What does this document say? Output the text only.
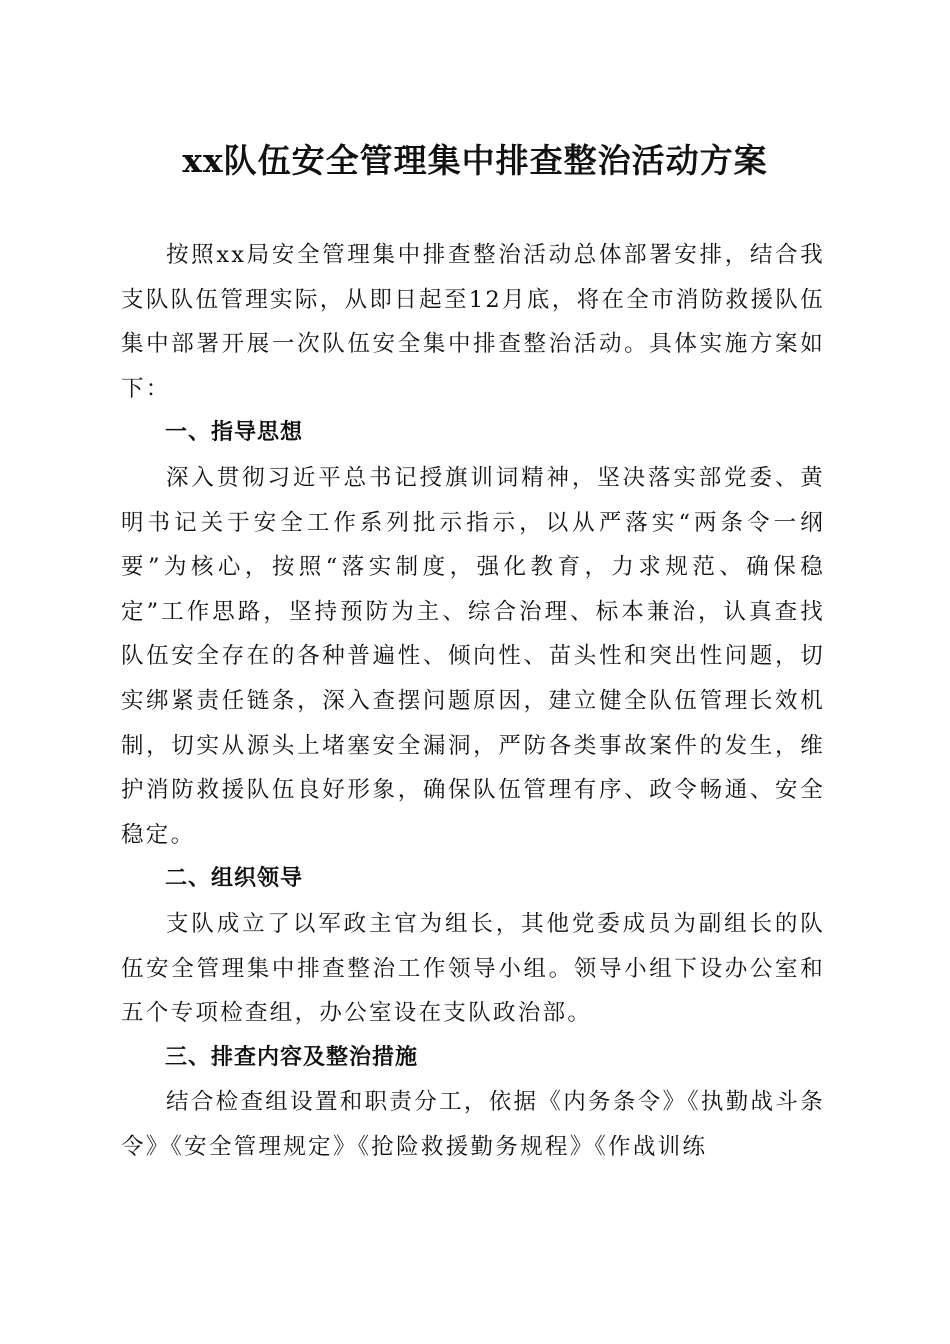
xx队伍安全管理集中排查整治活动方案

按照xx局安全管理集中排查整治活动总体部署安排，结合我支队队伍管理实际，从即日起至12月底，将在全市消防救援队伍集中部署开展一次队伍安全集中排查整治活动。具体实施方案如下：

一、指导思想

深入贯彻习近平总书记授旗训词精神，坚决落实部党委、黄明书记关于安全工作系列批示指示，以从严落实“两条令一纲要”为核心，按照“落实制度，强化教育，力求规范、确保稳定”工作思路，坚持预防为主、综合治理、标本兼治，认真查找队伍安全存在的各种普遍性、倾向性、苗头性和突出性问题，切实绑紧责任链条，深入查摆问题原因，建立健全队伍管理长效机制，切实从源头上堵塞安全漏洞，严防各类事故案件的发生，维护消防救援队伍良好形象，确保队伍管理有序、政令畅通、安全稳定。

二、组织领导

支队成立了以军政主官为组长，其他党委成员为副组长的队伍安全管理集中排查整治工作领导小组。领导小组下设办公室和五个专项检查组，办公室设在支队政治部。

三、排查内容及整治措施

结合检查组设置和职责分工，依据《内务条令》《执勤战斗条令》《安全管理规定》《抢险救援勤务规程》《作战训练
